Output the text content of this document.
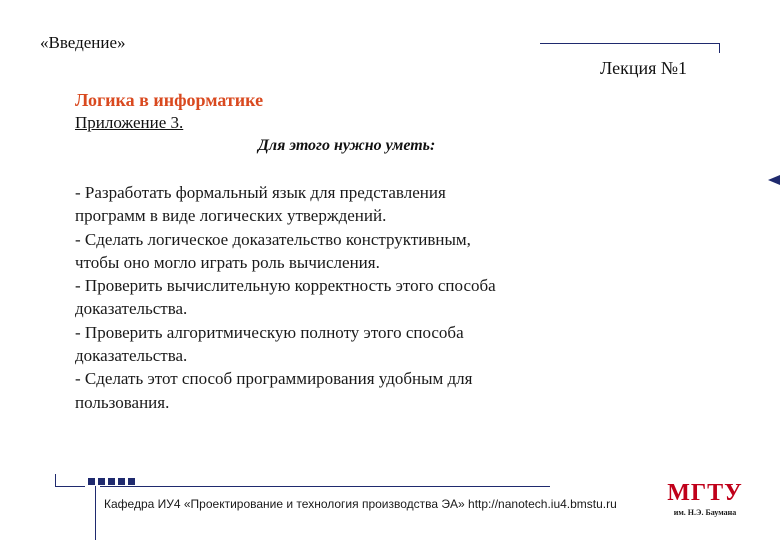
«Введение»
Лекция №1
Логика в информатике
Приложение 3.
Для этого нужно уметь:
- Разработать формальный язык для представления
программ в виде логических утверждений.
- Сделать логическое доказательство конструктивным,
чтобы оно могло играть роль вычисления.
- Проверить вычислительную корректность этого способа
доказательства.
- Проверить алгоритмическую полноту этого способа
доказательства.
- Сделать этот способ программирования удобным для
пользования.
Кафедра ИУ4 «Проектирование и технология производства ЭА» http://nanotech.iu4.bmstu.ru МГТУ
им. Н.Э. Баумана
